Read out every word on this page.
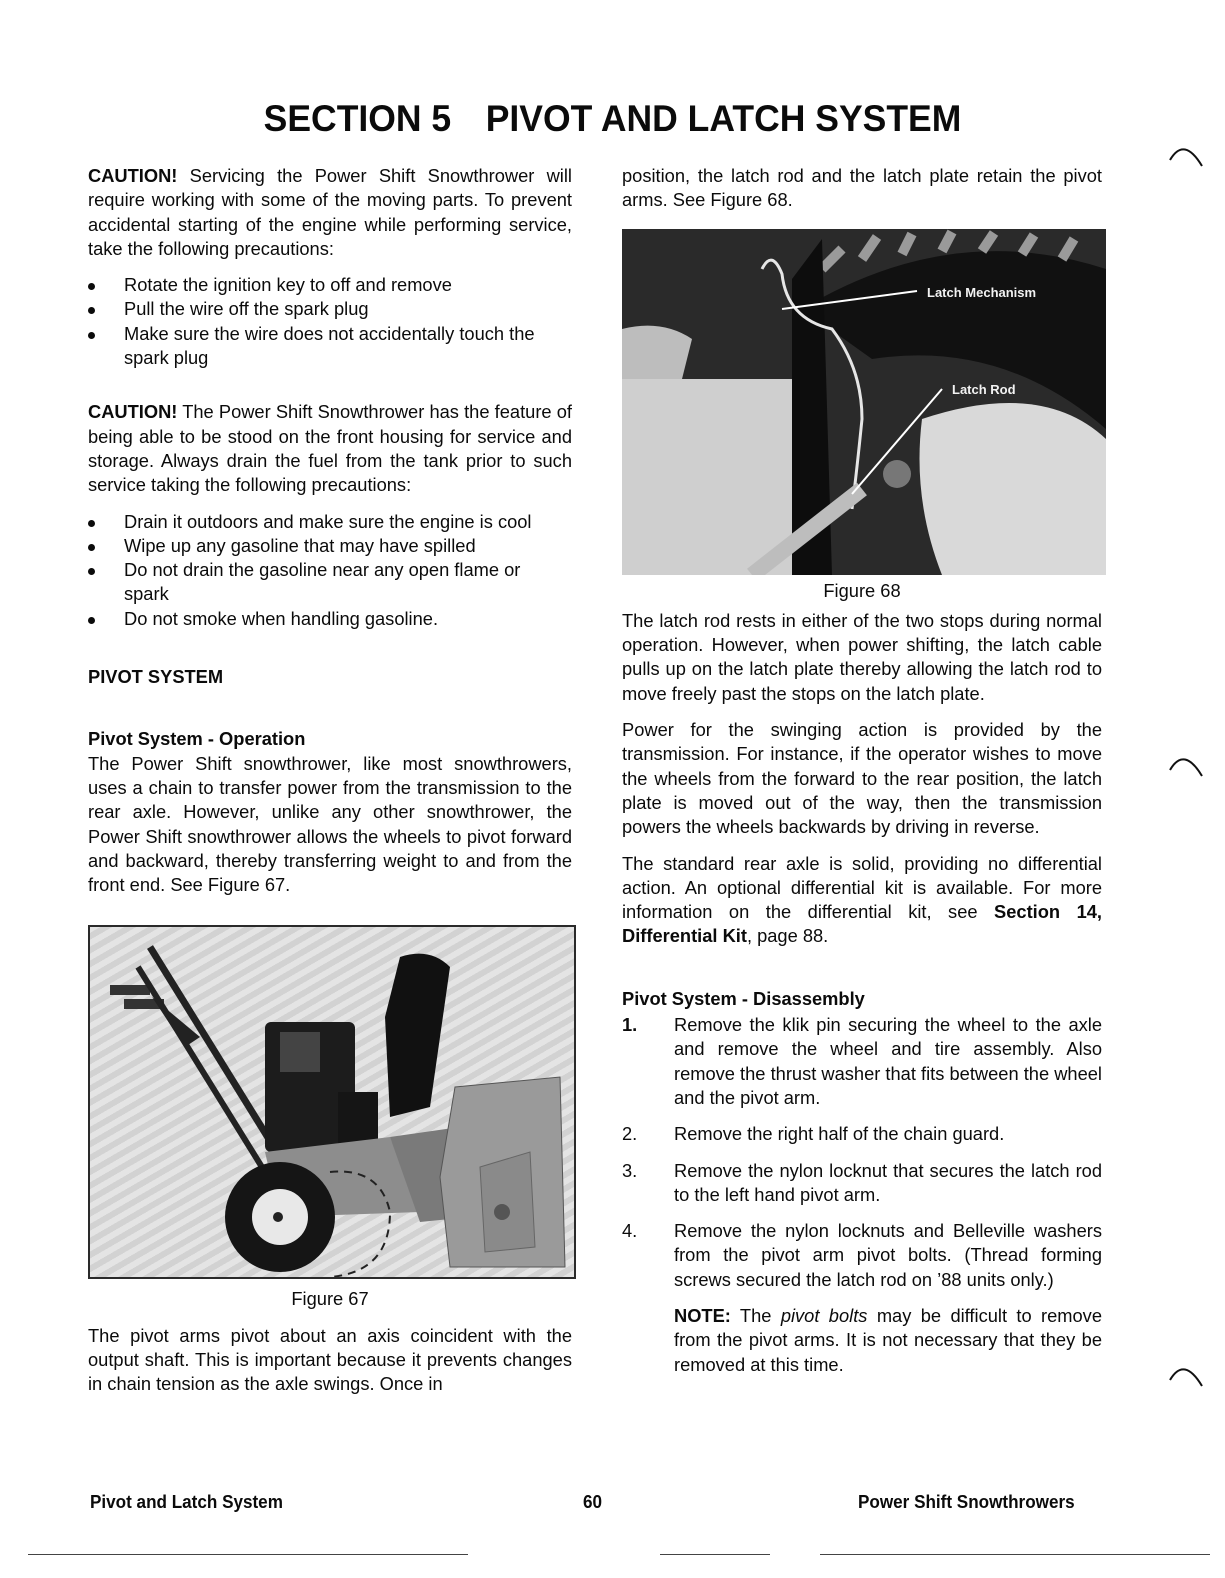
SECTION 5 PIVOT AND LATCH SYSTEM

CAUTION! Servicing the Power Shift Snowthrower will require working with some of the moving parts. To prevent accidental starting of the engine while performing service, take the following precautions:

Rotate the ignition key to off and remove
Pull the wire off the spark plug
Make sure the wire does not accidentally touch the spark plug

CAUTION! The Power Shift Snowthrower has the feature of being able to be stood on the front housing for service and storage. Always drain the fuel from the tank prior to such service taking the following precautions:

Drain it outdoors and make sure the engine is cool
Wipe up any gasoline that may have spilled
Do not drain the gasoline near any open flame or spark
Do not smoke when handling gasoline.
PIVOT SYSTEM
Pivot System - Operation

The Power Shift snowthrower, like most snowthrowers, uses a chain to transfer power from the transmission to the rear axle. However, unlike any other snowthrower, the Power Shift snowthrower allows the wheels to pivot forward and backward, thereby transferring weight to and from the front end. See Figure 67.

Figure 67

The pivot arms pivot about an axis coincident with the output shaft. This is important because it prevents changes in chain tension as the axle swings. Once in

position, the latch rod and the latch plate retain the pivot arms. See Figure 68.

Latch Mechanism
Latch Rod
Figure 68

The latch rod rests in either of the two stops during normal operation. However, when power shifting, the latch cable pulls up on the latch plate thereby allowing the latch rod to move freely past the stops on the latch plate.

Power for the swinging action is provided by the transmission. For instance, if the operator wishes to move the wheels from the forward to the rear position, the latch plate is moved out of the way, then the transmission powers the wheels backwards by driving in reverse.

The standard rear axle is solid, providing no differential action. An optional differential kit is available. For more information on the differential kit, see Section 14, Differential Kit, page 88.

Pivot System - Disassembly
1. Remove the klik pin securing the wheel to the axle and remove the wheel and tire assembly. Also remove the thrust washer that fits between the wheel and the pivot arm.

2. Remove the right half of the chain guard.

3. Remove the nylon locknut that secures the latch rod to the left hand pivot arm.

4. Remove the nylon locknuts and Belleville washers from the pivot arm pivot bolts. (Thread forming screws secured the latch rod on ’88 units only.)

NOTE: The pivot bolts may be difficult to remove from the pivot arms. It is not necessary that they be removed at this time.

Pivot and Latch System	60	Power Shift Snowthrowers
